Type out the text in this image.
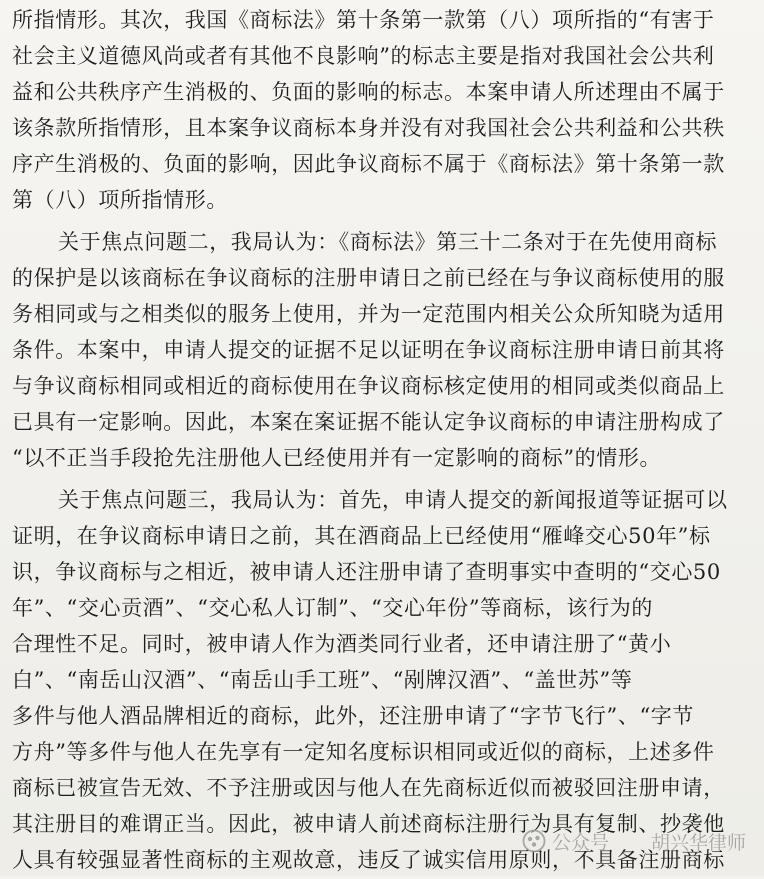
所指情形。其次，我国《商标法》第十条第一款第（八）项所指的“有害于
社会主义道德风尚或者有其他不良影响”的标志主要是指对我国社会公共利
益和公共秩序产生消极的、负面的影响的标志。本案申请人所述理由不属于
该条款所指情形，且本案争议商标本身并没有对我国社会公共利益和公共秩
序产生消极的、负面的影响，因此争议商标不属于《商标法》第十条第一款
第（八）项所指情形。
关于焦点问题二，我局认为：《商标法》第三十二条对于在先使用商标
的保护是以该商标在争议商标的注册申请日之前已经在与争议商标使用的服
务相同或与之相类似的服务上使用，并为一定范围内相关公众所知晓为适用
条件。本案中，申请人提交的证据不足以证明在争议商标注册申请日前其将
与争议商标相同或相近的商标使用在争议商标核定使用的相同或类似商品上
已具有一定影响。因此，本案在案证据不能认定争议商标的申请注册构成了
“以不正当手段抢先注册他人已经使用并有一定影响的商标”的情形。
关于焦点问题三，我局认为：首先，申请人提交的新闻报道等证据可以
证明，在争议商标申请日之前，其在酒商品上已经使用“雁峰交心50年”标
识，争议商标与之相近，被申请人还注册申请了查明事实中查明的“交心50
年”、“交心贡酒”、“交心私人订制”、“交心年份”等商标，该行为的
合理性不足。同时，被申请人作为酒类同行业者，还申请注册了“黄小
白”、“南岳山汉酒”、“南岳山手工班”、“剐牌汉酒”、“盖世苏”等
多件与他人酒品牌相近的商标，此外，还注册申请了“字节飞行”、“字节
方舟”等多件与他人在先享有一定知名度标识相同或近似的商标，上述多件
商标已被宣告无效、不予注册或因与他人在先商标近似而被驳回注册申请，
其注册目的难谓正当。因此，被申请人前述商标注册行为具有复制、抄袭他
人具有较强显著性商标的主观故意，违反了诚实信用原则，不具备注册商标
公众号 胡兴华律师
